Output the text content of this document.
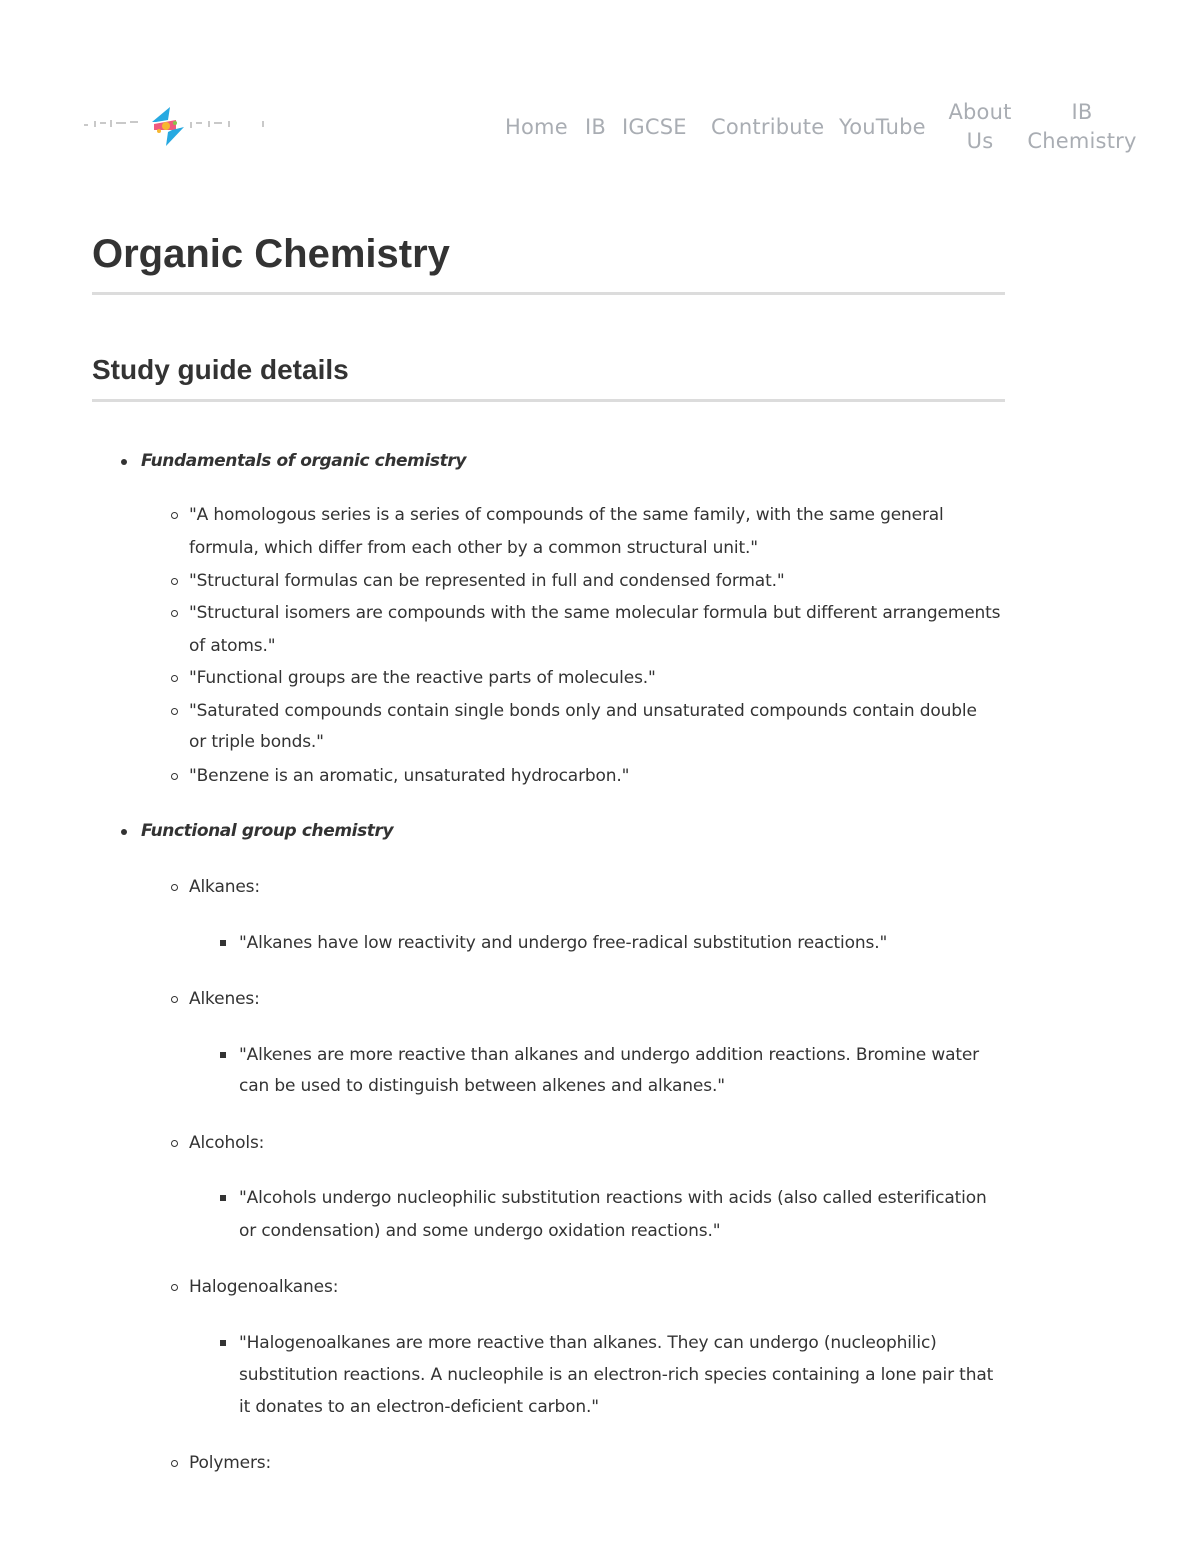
Home IB IGCSE Contribute YouTube
About
Us
IB
Chemistry
Organic Chemistry
Study guide details
Fundamentals of organic chemistry
"A homologous series is a series of compounds of the same family, with the same general
formula, which differ from each other by a common structural unit."
"Structural formulas can be represented in full and condensed format."
"Structural isomers are compounds with the same molecular formula but different arrangements
of atoms."
"Functional groups are the reactive parts of molecules."
"Saturated compounds contain single bonds only and unsaturated compounds contain double
or triple bonds."
"Benzene is an aromatic, unsaturated hydrocarbon."
Functional group chemistry
Alkanes:
"Alkanes have low reactivity and undergo free-radical substitution reactions."
Alkenes:
"Alkenes are more reactive than alkanes and undergo addition reactions. Bromine water
can be used to distinguish between alkenes and alkanes."
Alcohols:
"Alcohols undergo nucleophilic substitution reactions with acids (also called esterification
or condensation) and some undergo oxidation reactions."
Halogenoalkanes:
"Halogenoalkanes are more reactive than alkanes. They can undergo (nucleophilic)
substitution reactions. A nucleophile is an electron-rich species containing a lone pair that
it donates to an electron-deficient carbon."
Polymers:
